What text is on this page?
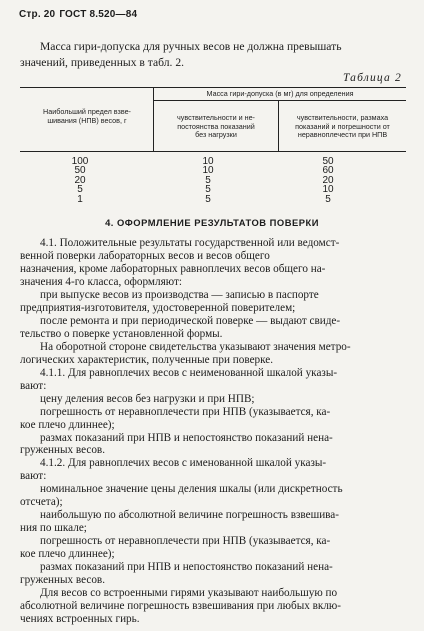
Стр. 20 ГОСТ 8.520—84
Масса гири-допуска для ручных весов не должна превышать
значений, приведенных в табл. 2.
Таблица 2
Наибольший предел взве-
шивания (НПВ) весов, г
Масса гири-допуска (в мг) для определения
чувствительности и не-
постоянства показаний
без нагрузки
чувствительности, размаха
показаний и погрешности от
неравноплечести при НПВ
100
50
20
5
1
10
10
5
5
5
50
60
20
10
5
4. ОФОРМЛЕНИЕ РЕЗУЛЬТАТОВ ПОВЕРКИ
4.1. Положительные результаты государственной или ведомст-
венной поверки лабораторных весов и весов общего
назначения, кроме лабораторных равноплечих весов общего на-
значения 4-го класса, оформляют:
при выпуске весов из производства — записью в паспорте
предприятия-изготовителя, удостоверенной поверителем;
после ремонта и при периодической поверке — выдают свиде-
тельство о поверке установленной формы.
На оборотной стороне свидетельства указывают значения метро-
логических характеристик, полученные при поверке.
4.1.1. Для равноплечих весов с неименованной шкалой указы-
вают:
цену деления весов без нагрузки и при НПВ;
погрешность от неравноплечести при НПВ (указывается, ка-
кое плечо длиннее);
размах показаний при НПВ и непостоянство показаний нена-
груженных весов.
4.1.2. Для равноплечих весов с именованной шкалой указы-
вают:
номинальное значение цены деления шкалы (или дискретность
отсчета);
наибольшую по абсолютной величине погрешность взвешива-
ния по шкале;
погрешность от неравноплечести при НПВ (указывается, ка-
кое плечо длиннее);
размах показаний при НПВ и непостоянство показаний нена-
груженных весов.
Для весов со встроенными гирями указывают наибольшую по
абсолютной величине погрешность взвешивания при любых вклю-
чениях встроенных гирь.
